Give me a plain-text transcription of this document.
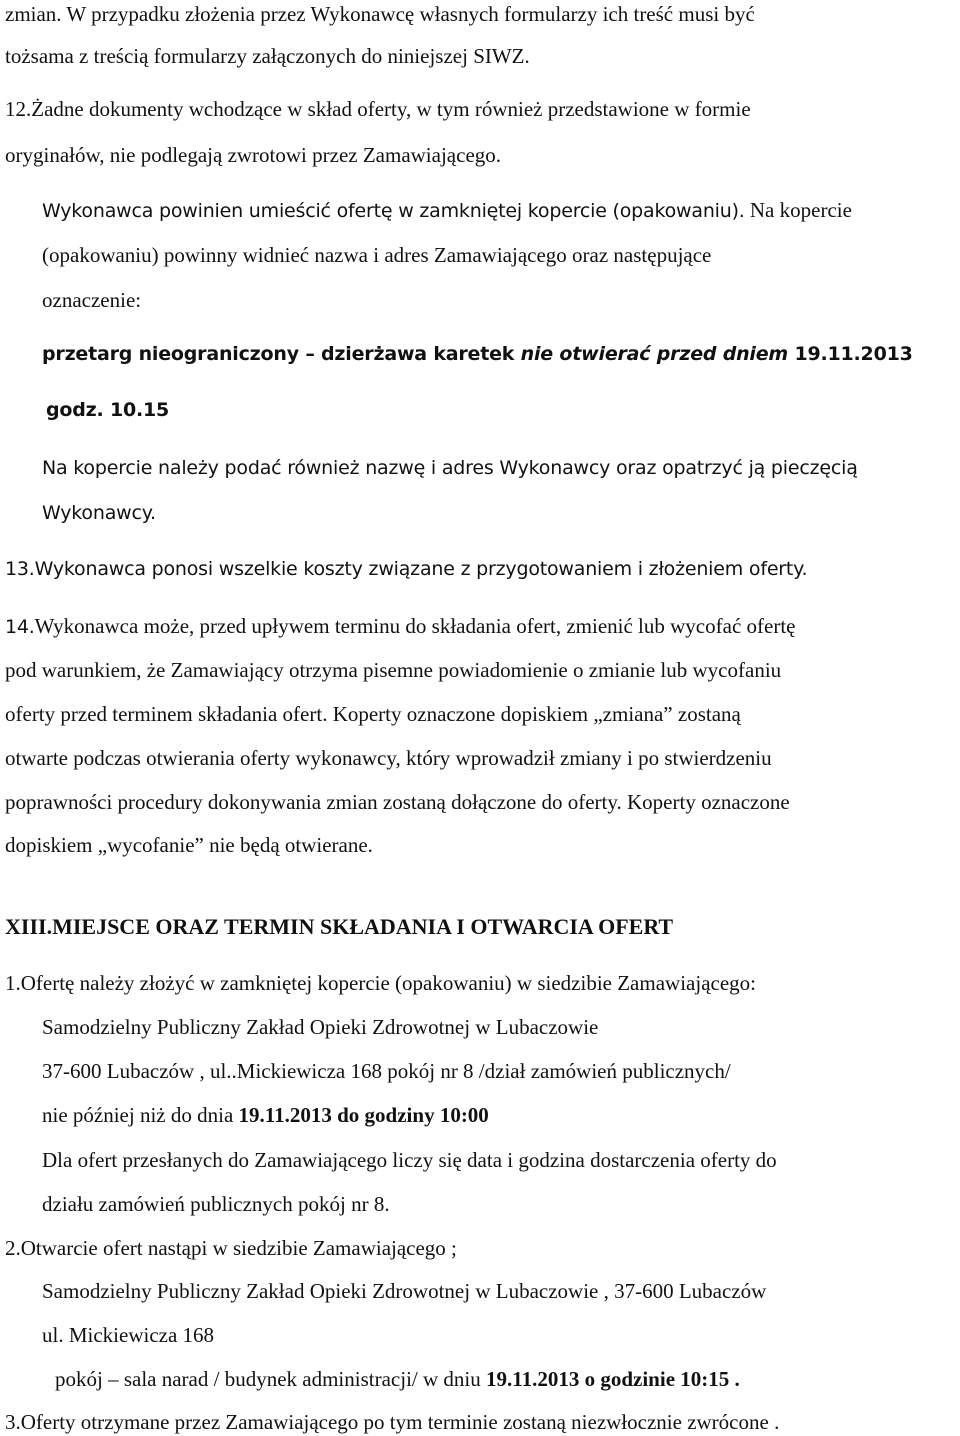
zmian. W przypadku złożenia przez Wykonawcę własnych formularzy ich treść musi być
tożsama z treścią formularzy załączonych do niniejszej SIWZ.
12.Żadne dokumenty wchodzące w skład oferty, w tym również przedstawione w formie
oryginałów, nie podlegają zwrotowi przez Zamawiającego.
Wykonawca powinien umieścić ofertę w zamkniętej kopercie (opakowaniu). Na kopercie
(opakowaniu) powinny widnieć nazwa i adres Zamawiającego oraz następujące
oznaczenie:
przetarg nieograniczony – dzierżawa karetek nie otwierać przed dniem 19.11.2013
godz. 10.15
Na kopercie należy podać również nazwę i adres Wykonawcy oraz opatrzyć ją pieczęcią
Wykonawcy.
13.Wykonawca ponosi wszelkie koszty związane z przygotowaniem i złożeniem oferty.
14.Wykonawca może, przed upływem terminu do składania ofert, zmienić lub wycofać ofertę
pod warunkiem, że Zamawiający otrzyma pisemne powiadomienie o zmianie lub wycofaniu
oferty przed terminem składania ofert. Koperty oznaczone dopiskiem „zmiana” zostaną
otwarte podczas otwierania oferty wykonawcy, który wprowadził zmiany i po stwierdzeniu
poprawności procedury dokonywania zmian zostaną dołączone do oferty. Koperty oznaczone
dopiskiem „wycofanie” nie będą otwierane.
XIII.MIEJSCE ORAZ TERMIN SKŁADANIA I OTWARCIA OFERT
1.Ofertę należy złożyć w zamkniętej kopercie (opakowaniu) w siedzibie Zamawiającego:
Samodzielny Publiczny Zakład Opieki Zdrowotnej w Lubaczowie
37-600 Lubaczów , ul..Mickiewicza 168 pokój nr 8 /dział zamówień publicznych/
nie później niż do dnia 19.11.2013 do godziny 10:00
Dla ofert przesłanych do Zamawiającego liczy się data i godzina dostarczenia oferty do
działu zamówień publicznych pokój nr 8.
2.Otwarcie ofert nastąpi w siedzibie Zamawiającego ;
Samodzielny Publiczny Zakład Opieki Zdrowotnej w Lubaczowie , 37-600 Lubaczów
ul. Mickiewicza 168
pokój – sala narad / budynek administracji/ w dniu 19.11.2013 o godzinie 10:15 .
3.Oferty otrzymane przez Zamawiającego po tym terminie zostaną niezwłocznie zwrócone .
